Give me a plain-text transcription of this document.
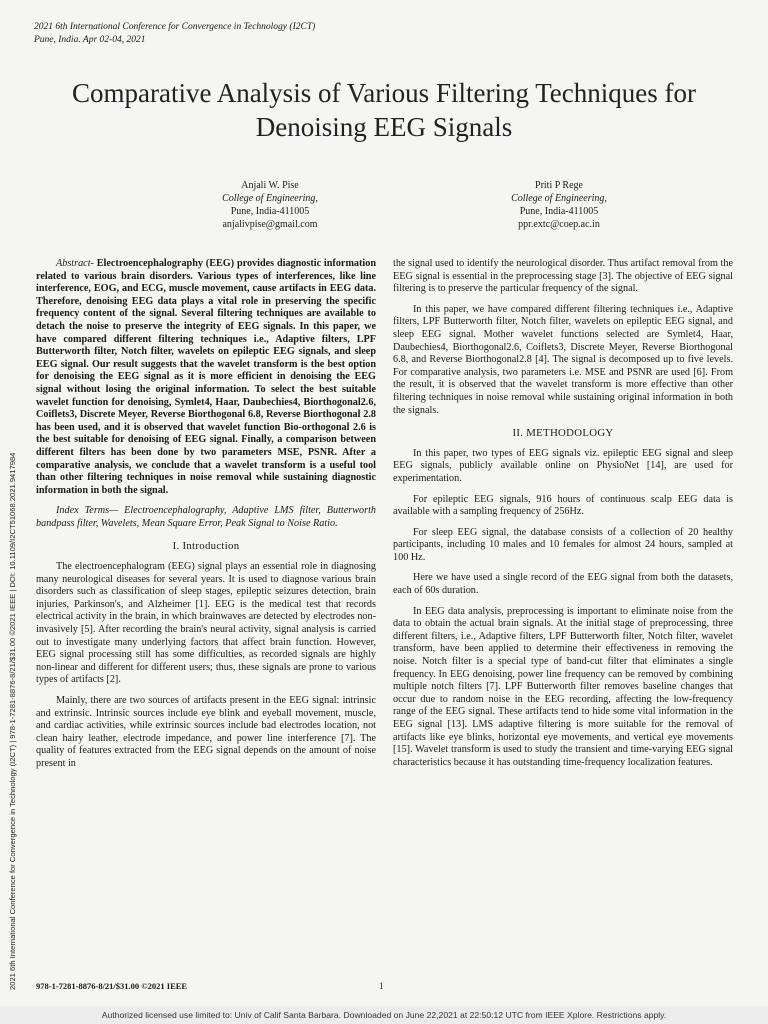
2021 6th International Conference for Convergence in Technology (I2CT)
Pune, India. Apr 02-04, 2021
Comparative Analysis of Various Filtering Techniques for Denoising EEG Signals
Anjali W. Pise
College of Engineering,
Pune, India-411005
anjalivpise@gmail.com
Priti P Rege
College of Engineering,
Pune, India-411005
ppr.extc@coep.ac.in

Abstract- Electroencephalography (EEG) provides diagnostic information related to various brain disorders. Various types of interferences, like line interference, EOG, and ECG, muscle movement, cause artifacts in EEG data. Therefore, denoising EEG data plays a vital role in preserving the specific frequency content of the signal. Several filtering techniques are available to detach the noise to preserve the integrity of EEG signals. In this paper, we have compared different filtering techniques i.e., Adaptive filters, LPF Butterworth filter, Notch filter, wavelets on epileptic EEG signals, and sleep EEG signal. Our result suggests that the wavelet transform is the best option for denoising the EEG signal as it is more efficient in denoising the EEG signal without losing the original information. To select the best suitable wavelet function for denoising, Symlet4, Haar, Daubechies4, Biorthogonal2.6, Coiflets3, Discrete Meyer, Reverse Biorthogonal 6.8, Reverse Biorthogonal 2.8 has been used, and it is observed that wavelet function Bio-orthogonal 2.6 is the best suitable for denoising of EEG signal. Finally, a comparison between different filters has been done by two parameters MSE, PSNR. After a comparative analysis, we conclude that a wavelet transform is a useful tool than other filtering techniques in noise removal while sustaining diagnostic information in both the signal.

Index Terms— Electroencephalography, Adaptive LMS filter, Butterworth bandpass filter, Wavelets, Mean Square Error, Peak Signal to Noise Ratio.

I. Introduction

The electroencephalogram (EEG) signal plays an essential role in diagnosing many neurological diseases for several years. It is used to diagnose various brain disorders such as classification of sleep stages, epileptic seizures detection, brain injuries, Parkinson's, and Alzheimer [1]. EEG is the medical test that records electrical activity in the brain, in which brainwaves are detected by electrodes non-invasively [5]. After recording the brain's neural activity, signal analysis is carried out to investigate many underlying factors that affect brain function. However, EEG signal processing still has some difficulties, as recorded signals are highly non-linear and different for different users; thus, these signals are prone to various types of artifacts [2].

Mainly, there are two sources of artifacts present in the EEG signal: intrinsic and extrinsic. Intrinsic sources include eye blink and eyeball movement, muscle, and cardiac activities, while extrinsic sources include bad electrodes location, not clean hairy leather, electrode impedance, and power line interference [7]. The quality of features extracted from the EEG signal depends on the amount of noise present in

the signal used to identify the neurological disorder. Thus artifact removal from the EEG signal is essential in the preprocessing stage [3]. The objective of EEG signal filtering is to preserve the particular frequency of the signal.

In this paper, we have compared different filtering techniques i.e., Adaptive filters, LPF Butterworth filter, Notch filter, wavelets on epileptic EEG signal, and sleep EEG signal. Mother wavelet functions selected are Symlet4, Haar, Daubechies4, Biorthogonal2.6, Coiflets3, Discrete Meyer, Reverse Biorthogonal 6.8, and Reverse Biorthogonal2.8 [4]. The signal is decomposed up to five levels. For comparative analysis, two parameters i.e. MSE and PSNR are used [6]. From the result, it is observed that the wavelet transform is more effective than other filtering techniques in noise removal while sustaining original information in both the signals.

II. METHODOLOGY

In this paper, two types of EEG signals viz. epileptic EEG signal and sleep EEG signals, publicly available online on PhysioNet [14], are used for experimentation.

For epileptic EEG signals, 916 hours of continuous scalp EEG data is available with a sampling frequency of 256Hz.

For sleep EEG signal, the database consists of a collection of 20 healthy participants, including 10 males and 10 females for almost 24 hours, sampled at 100 Hz.

Here we have used a single record of the EEG signal from both the datasets, each of 60s duration.

In EEG data analysis, preprocessing is important to eliminate noise from the data to obtain the actual brain signals. At the initial stage of preprocessing, three different filters, i.e., Adaptive filters, LPF Butterworth filter, Notch filter, wavelet transform, have been applied to determine their effectiveness in removing the noise. Notch filter is a special type of band-cut filter that eliminates a single frequency. In EEG denoising, power line frequency can be removed by combining multiple notch filters [7]. LPF Butterworth filter removes baseline changes that occur due to random noise in the EEG recording, affecting the low-frequency range of the EEG signal. These artifacts tend to hide some vital information in the EEG signal [13]. LMS adaptive filtering is more suitable for the removal of artifacts like eye blinks, horizontal eye movements, and vertical eye movements [15]. Wavelet transform is used to study the transient and time-varying EEG signal characteristics because it has outstanding time-frequency localization features.

2021 6th International Conference for Convergence in Technology (I2CT) | 978-1-7281-8876-8/21/$31.00 ©2021 IEEE | DOI: 10.1109/I2CT51068.2021.9417984 978-1-7281-8876-8/21/$31.00 ©2021 IEEE	1
Authorized licensed use limited to: Univ of Calif Santa Barbara. Downloaded on June 22,2021 at 22:50:12 UTC from IEEE Xplore. Restrictions apply.
